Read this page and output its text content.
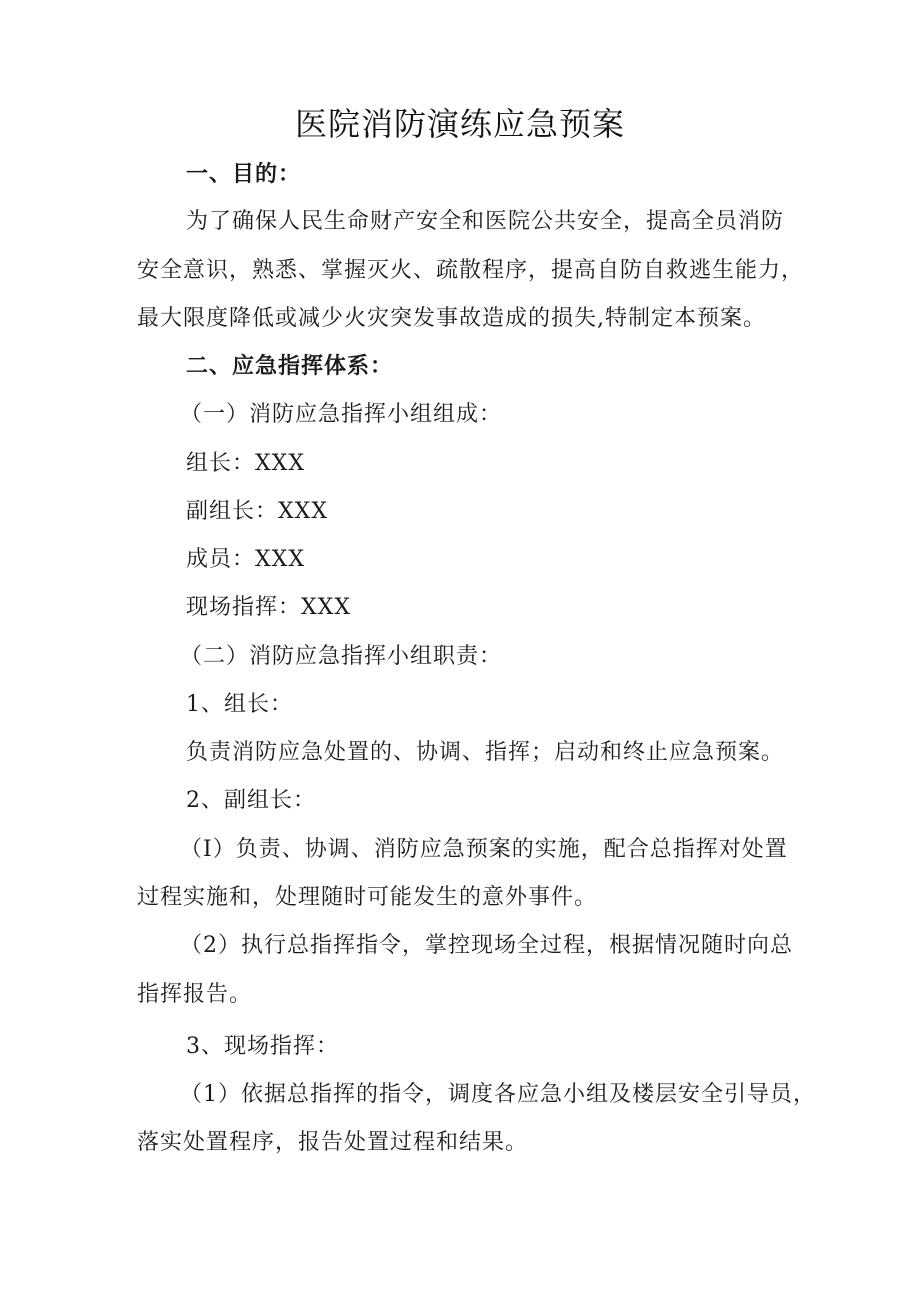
医院消防演练应急预案
一、目的：
为了确保人民生命财产安全和医院公共安全，提高全员消防
安全意识，熟悉、掌握灭火、疏散程序，提高自防自救逃生能力，
最大限度降低或减少火灾突发事故造成的损失,特制定本预案。
二、应急指挥体系：
（一）消防应急指挥小组组成：
组长：XXX
副组长：XXX
成员：XXX
现场指挥：XXX
（二）消防应急指挥小组职责：
1、组长：
负责消防应急处置的、协调、指挥；启动和终止应急预案。
2、副组长：
（I）负责、协调、消防应急预案的实施，配合总指挥对处置
过程实施和，处理随时可能发生的意外事件。
（2）执行总指挥指令，掌控现场全过程，根据情况随时向总
指挥报告。
3、现场指挥：
（1）依据总指挥的指令，调度各应急小组及楼层安全引导员，
落实处置程序，报告处置过程和结果。
